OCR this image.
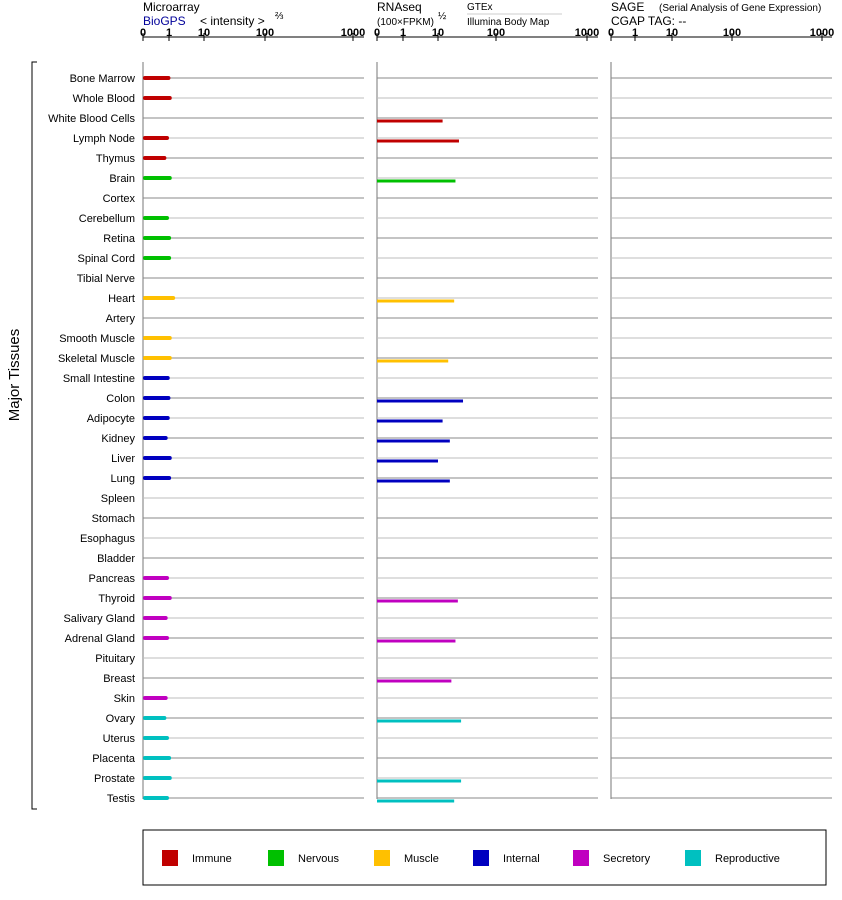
Microarray
BioGPS < intensity > ⅔
RNAseq
(100×FPKM)
½
GTEx
Illumina Body Map
SAGE (Serial Analysis of Gene Expression)
CGAP TAG: --
Major Tissues
0 1 10	100	1000 0 1 10	100	1000 0 1	10	100	1000
Bone Marrow
Whole Blood
White Blood Cells
Lymph Node
Thymus
Brain
Cortex
Cerebellum
Retina
Spinal Cord
Tibial Nerve
Heart
Artery
Smooth Muscle
Skeletal Muscle
Small Intestine
Colon
Adipocyte
Kidney
Liver
Lung
Spleen
Stomach
Esophagus
Bladder
Pancreas
Thyroid
Salivary Gland
Adrenal Gland
Pituitary
Breast
Skin
Ovary
Uterus
Placenta
Prostate
Testis
Immune	Nervous	Muscle	Internal	Secretory	Reproductive
